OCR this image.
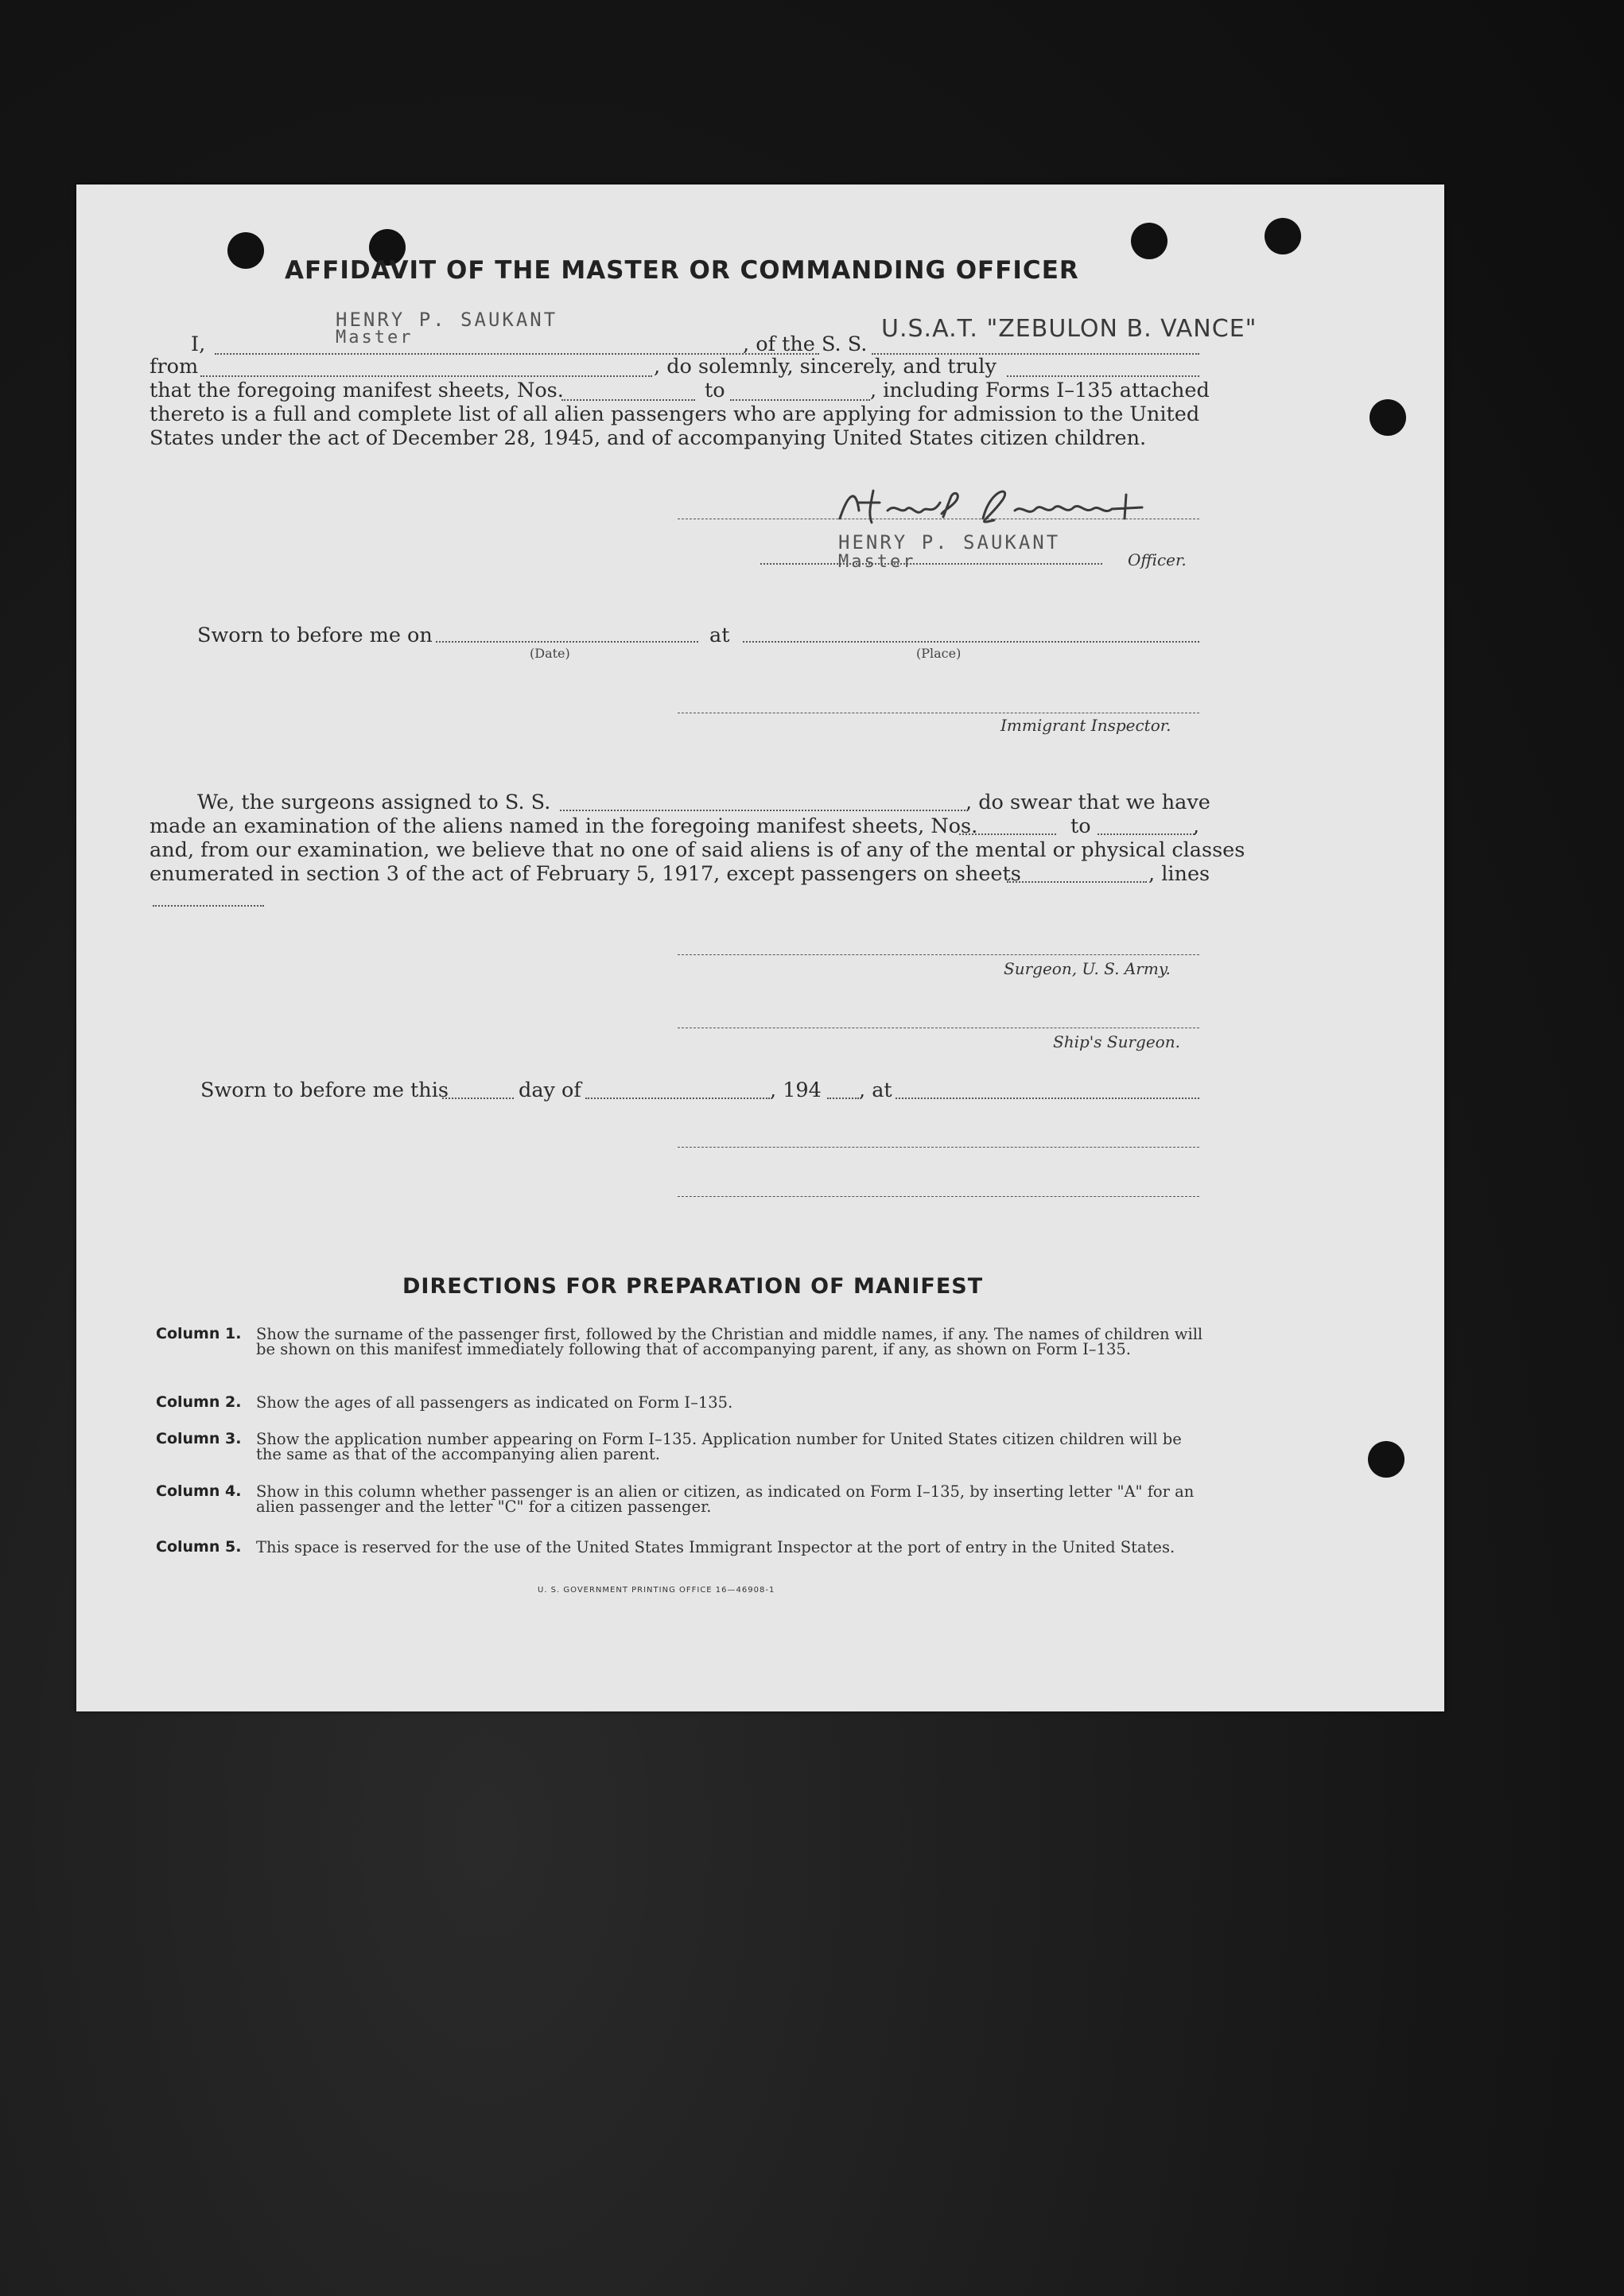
AFFIDAVIT OF THE MASTER OR COMMANDING OFFICER
HENRY P. SAUKANT
Master
I,	, of the S. S.
U.S.A.T. "ZEBULON B. VANCE"
from	, do solemnly, sincerely, and truly
that the foregoing manifest sheets, Nos.	to	, including Forms I–135 attached
thereto is a full and complete list of all alien passengers who are applying for admission to the United
States under the act of December 28, 1945, and of accompanying United States citizen children.
HENRY P. SAUKANT
Master	Officer.
Sworn to before me on	at
(Date)	(Place)
Immigrant Inspector.
We, the surgeons assigned to S. S.	, do swear that we have
made an examination of the aliens named in the foregoing manifest sheets, Nos.	to	,
and, from our examination, we believe that no one of said aliens is of any of the mental or physical classes
enumerated in section 3 of the act of February 5, 1917, except passengers on sheets	, lines
Surgeon, U. S. Army.
Ship's Surgeon.
Sworn to before me this	day of	, 194 , at
DIRECTIONS FOR PREPARATION OF MANIFEST
Column 1. Show the surname of the passenger first, followed by the Christian and middle names, if any. The names of children will be shown on this manifest immediately following that of accompanying parent, if any, as shown on Form I–135.
Column 2. Show the ages of all passengers as indicated on Form I–135.
Column 3. Show the application number appearing on Form I–135. Application number for United States citizen children will be the same as that of the accompanying alien parent.
Column 4. Show in this column whether passenger is an alien or citizen, as indicated on Form I–135, by inserting letter "A" for an alien passenger and the letter "C" for a citizen passenger.
Column 5. This space is reserved for the use of the United States Immigrant Inspector at the port of entry in the United States.
U. S. GOVERNMENT PRINTING OFFICE 16—46908-1
